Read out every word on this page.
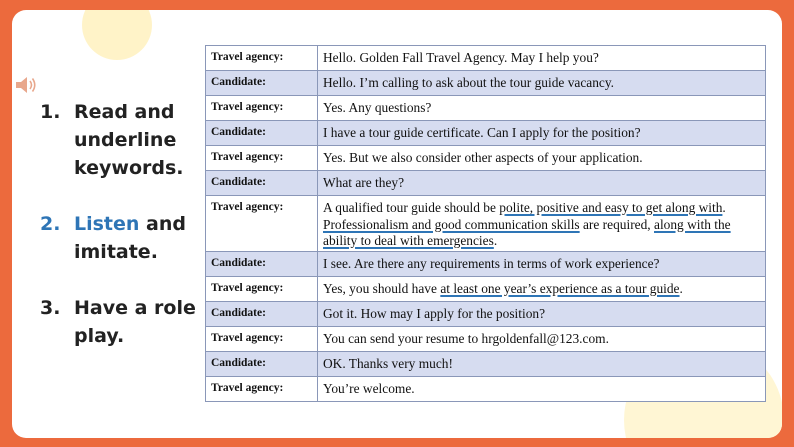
1. Read and underline keywords.
2. Listen and imitate.
3. Have a role play.
Travel agency:	Hello. Golden Fall Travel Agency. May I help you?
Candidate:	Hello. I’m calling to ask about the tour guide vacancy.
Travel agency:	Yes. Any questions?
Candidate:	I have a tour guide certificate. Can I apply for the position?
Travel agency:	Yes. But we also consider other aspects of your application.
Candidate:	What are they?
Travel agency:	A qualified tour guide should be polite, positive and easy to get along with. Professionalism and good communication skills are required, along with the ability to deal with emergencies.
Candidate:	I see. Are there any requirements in terms of work experience?
Travel agency:	Yes, you should have at least one year’s experience as a tour guide.
Candidate:	Got it. How may I apply for the position?
Travel agency:	You can send your resume to hrgoldenfall@123.com.
Candidate:	OK. Thanks very much!
Travel agency:	You’re welcome.
